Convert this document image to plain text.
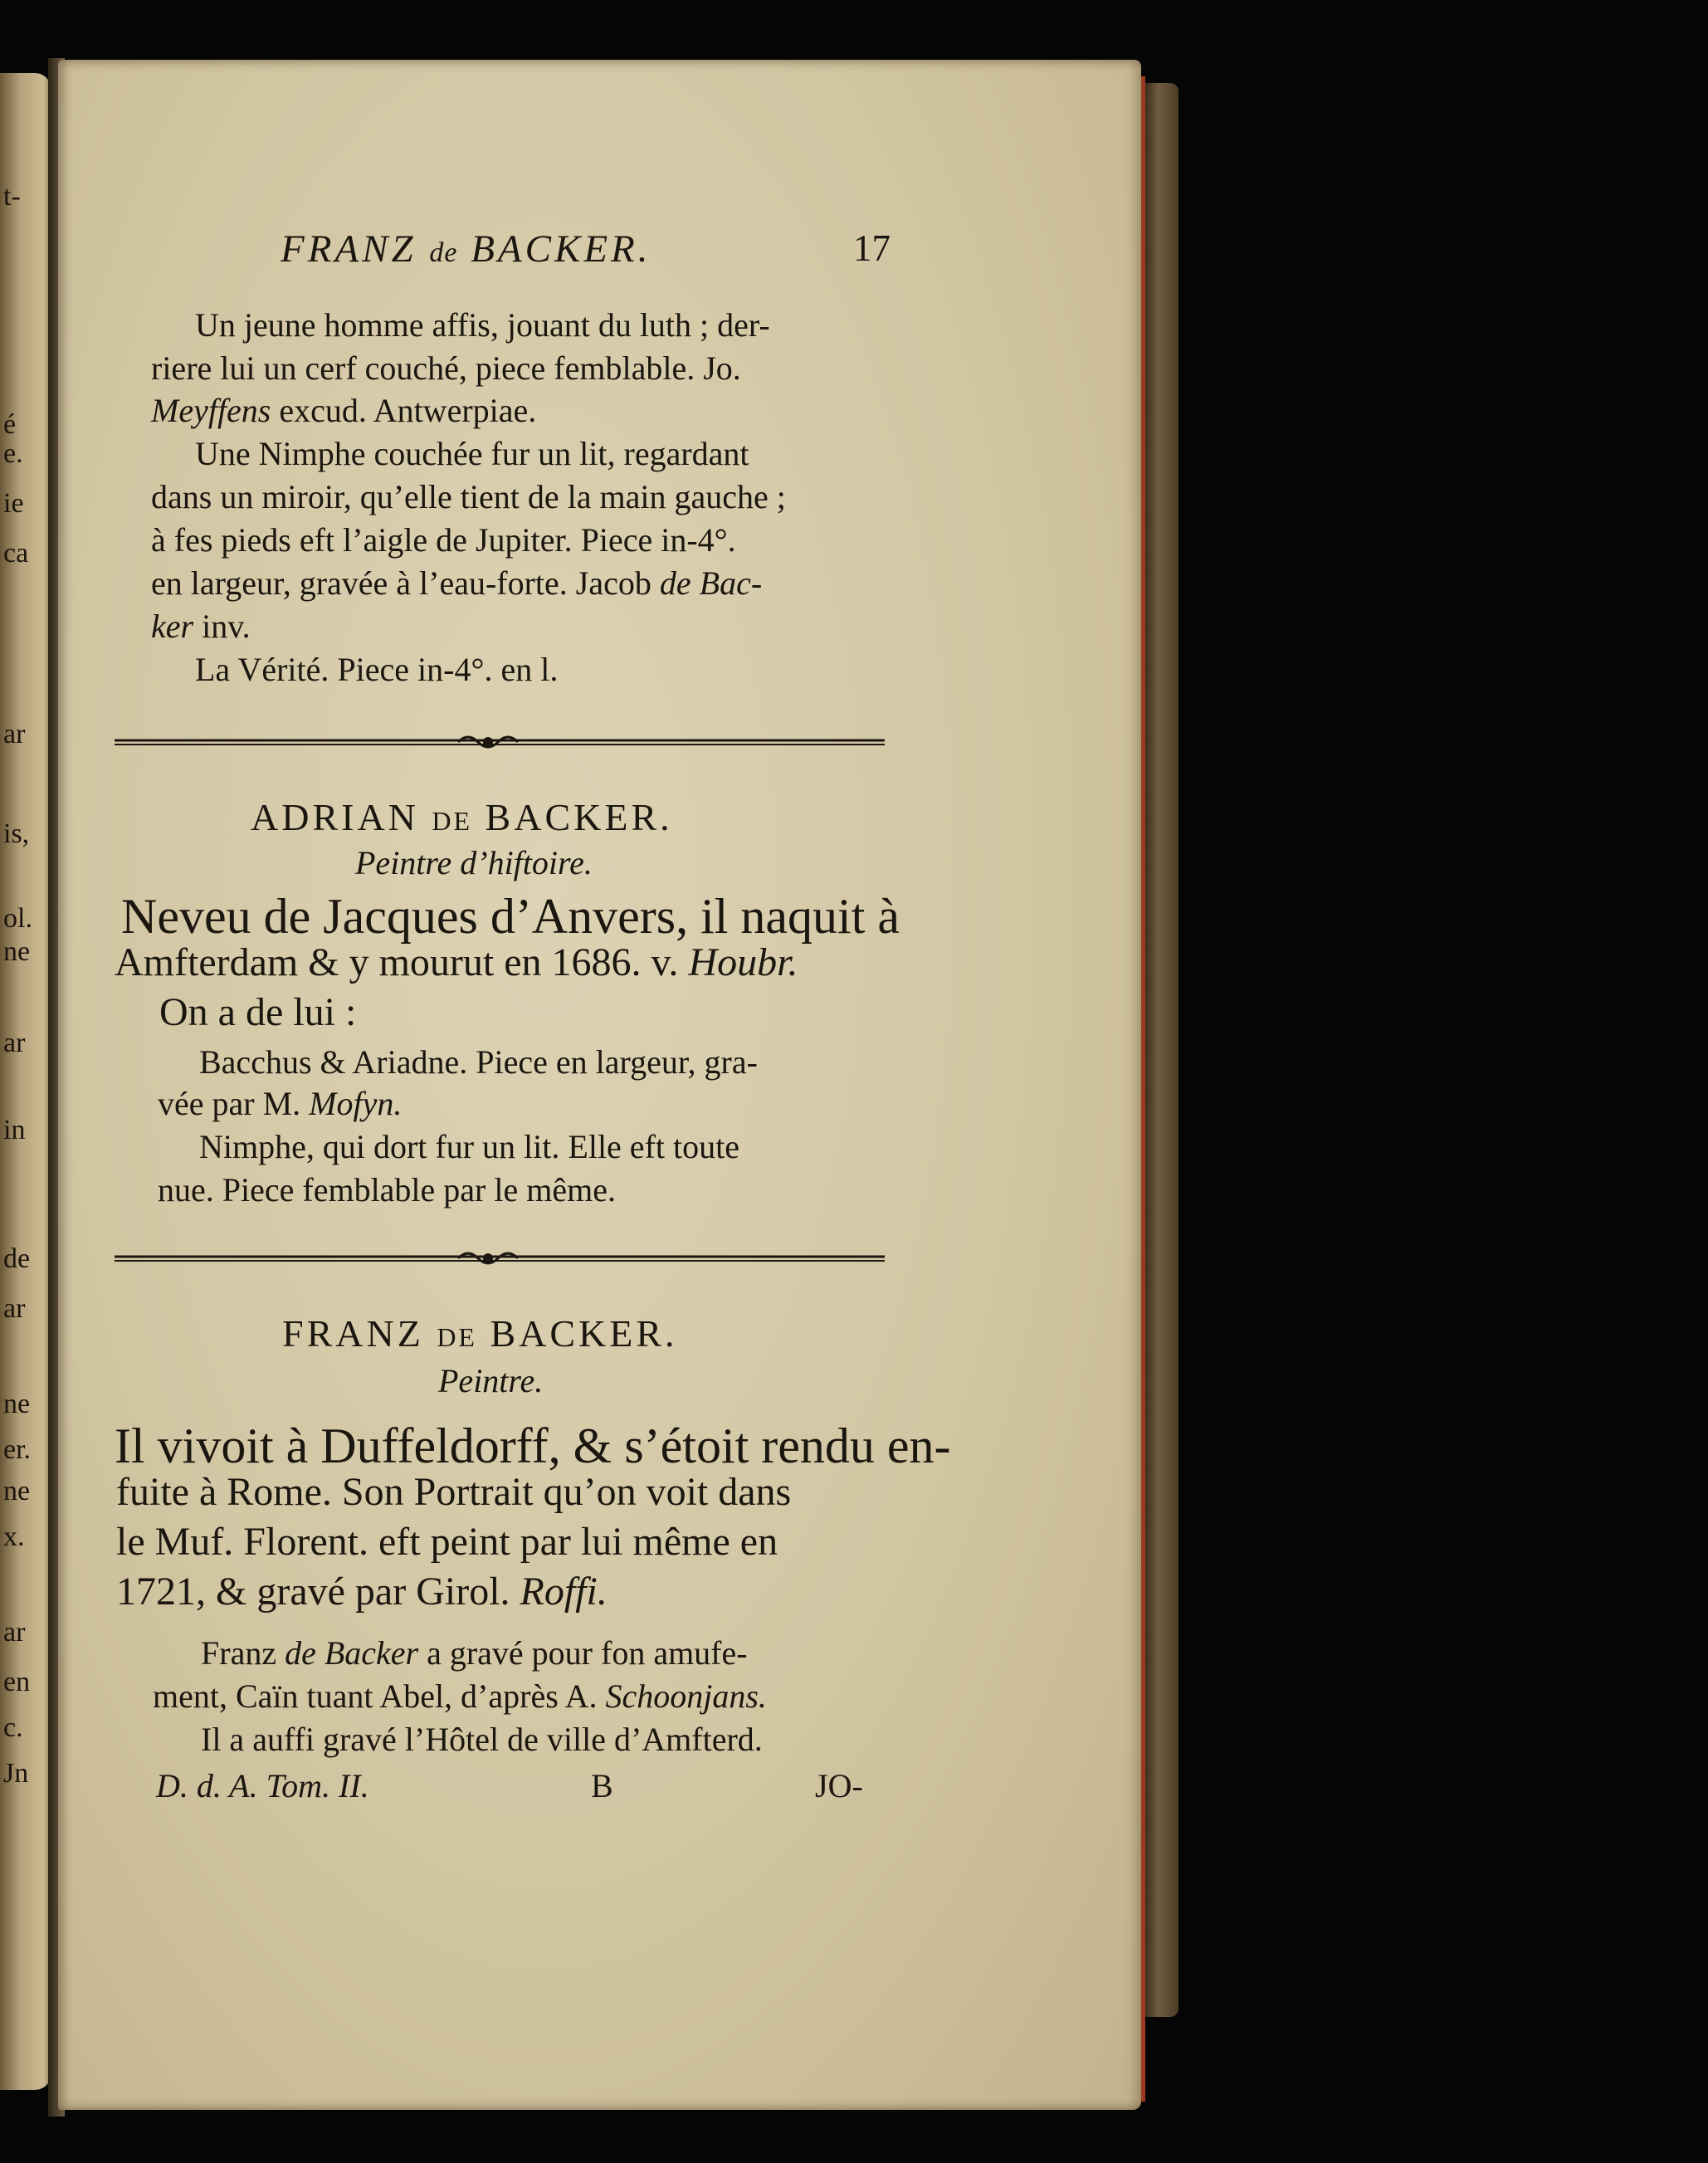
t-
é
e.
ie
ca
ar
is,
ol.
ne
ar
in
de
ar
ne
er.
ne
x.
ar
en
c.
Jn
FRANZ de BACKER.	17
Un jeune homme affis, jouant du luth ; der-
riere lui un cerf couché, piece femblable. Jo.
Meyffens excud. Antwerpiae.
Une Nimphe couchée fur un lit, regardant
dans un miroir, qu’elle tient de la main gauche ;
à fes pieds eft l’aigle de Jupiter. Piece in-4°.
en largeur, gravée à l’eau-forte. Jacob de Bac-
ker inv.
La Vérité. Piece in-4°. en l.
ADRIAN DE BACKER.
Peintre d’hiftoire.
Neveu de Jacques d’Anvers, il naquit à
Amfterdam & y mourut en 1686. v. Houbr.
On a de lui :
Bacchus & Ariadne. Piece en largeur, gra-
vée par M. Mofyn.
Nimphe, qui dort fur un lit. Elle eft toute
nue. Piece femblable par le même.
FRANZ DE BACKER.
Peintre.
Il vivoit à Duffeldorff, & s’étoit rendu en-
fuite à Rome. Son Portrait qu’on voit dans
le Muf. Florent. eft peint par lui même en
1721, & gravé par Girol. Roffi.
Franz de Backer a gravé pour fon amufe-
ment, Caïn tuant Abel, d’après A. Schoonjans.
Il a auffi gravé l’Hôtel de ville d’Amfterd.
D. d. A. Tom. II.	B	JO-
